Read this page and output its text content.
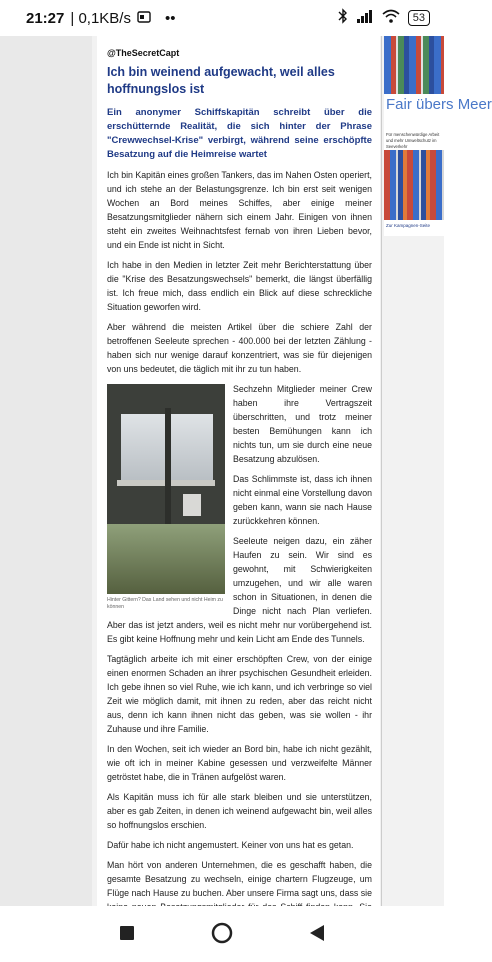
21:27 | 0,1KB/s ••	53
@TheSecretCapt
Ich bin weinend aufgewacht, weil alles hoffnungslos ist

Ein anonymer Schiffskapitän schreibt über die erschütternde Realität, die sich hinter der Phrase "Crewwechsel-Krise" verbirgt, während seine erschöpfte Besatzung auf die Heimreise wartet

Ich bin Kapitän eines großen Tankers, das im Nahen Osten operiert, und ich stehe an der Belastungsgrenze. Ich bin erst seit wenigen Wochen an Bord meines Schiffes, aber einige meiner Besatzungsmitglieder nähern sich einem Jahr. Einigen von ihnen steht ein zweites Weihnachtsfest fernab von ihren Lieben bevor, und ein Ende ist nicht in Sicht.

Ich habe in den Medien in letzter Zeit mehr Berichterstattung über die "Krise des Besatzungswechsels" bemerkt, die längst überfällig ist. Ich freue mich, dass endlich ein Blick auf diese schreckliche Situation geworfen wird.

Aber während die meisten Artikel über die schiere Zahl der betroffenen Seeleute sprechen - 400.000 bei der letzten Zählung - haben sich nur wenige darauf konzentriert, was sie für diejenigen von uns bedeutet, die täglich mit ihr zu tun haben.

Hinter Gittern? Das Land sehen und nicht Heim zu können

Sechzehn Mitglieder meiner Crew haben ihre Vertragszeit überschritten, und trotz meiner besten Bemühungen kann ich nichts tun, um sie durch eine neue Besatzung abzulösen.

Das Schlimmste ist, dass ich ihnen nicht einmal eine Vorstellung davon geben kann, wann sie nach Hause zurückkehren können.

Seeleute neigen dazu, ein zäher Haufen zu sein. Wir sind es gewohnt, mit Schwierigkeiten umzugehen, und wir alle waren schon in Situationen, in denen die Dinge nicht nach Plan verliefen. Aber das ist jetzt anders, weil es nicht mehr nur vorübergehend ist. Es gibt keine Hoffnung mehr und kein Licht am Ende des Tunnels.

Tagtäglich arbeite ich mit einer erschöpften Crew, von der einige einen enormen Schaden an ihrer psychischen Gesundheit erleiden. Ich gebe ihnen so viel Ruhe, wie ich kann, und ich verbringe so viel Zeit wie möglich damit, mit ihnen zu reden, aber das reicht nicht aus, denn ich kann ihnen nicht das geben, was sie wollen - ihr Zuhause und ihre Familie.

In den Wochen, seit ich wieder an Bord bin, habe ich nicht gezählt, wie oft ich in meiner Kabine gesessen und verzweifelte Männer getröstet habe, die in Tränen aufgelöst waren.

Als Kapitän muss ich für alle stark bleiben und sie unterstützen, aber es gab Zeiten, in denen ich weinend aufgewacht bin, weil alles so hoffnungslos erschien.

Dafür habe ich nicht angemustert. Keiner von uns hat es getan.

Man hört von anderen Unternehmen, die es geschafft haben, die gesamte Besatzung zu wechseln, einige chartern Flugzeuge, um Flüge nach Hause zu buchen. Aber unsere Firma sagt uns, dass sie

Fair übers Meer
Für menschenwürdige Arbeit und mehr Umweltschutz im Seeverkehr
Zur Kampagnen-Seite
